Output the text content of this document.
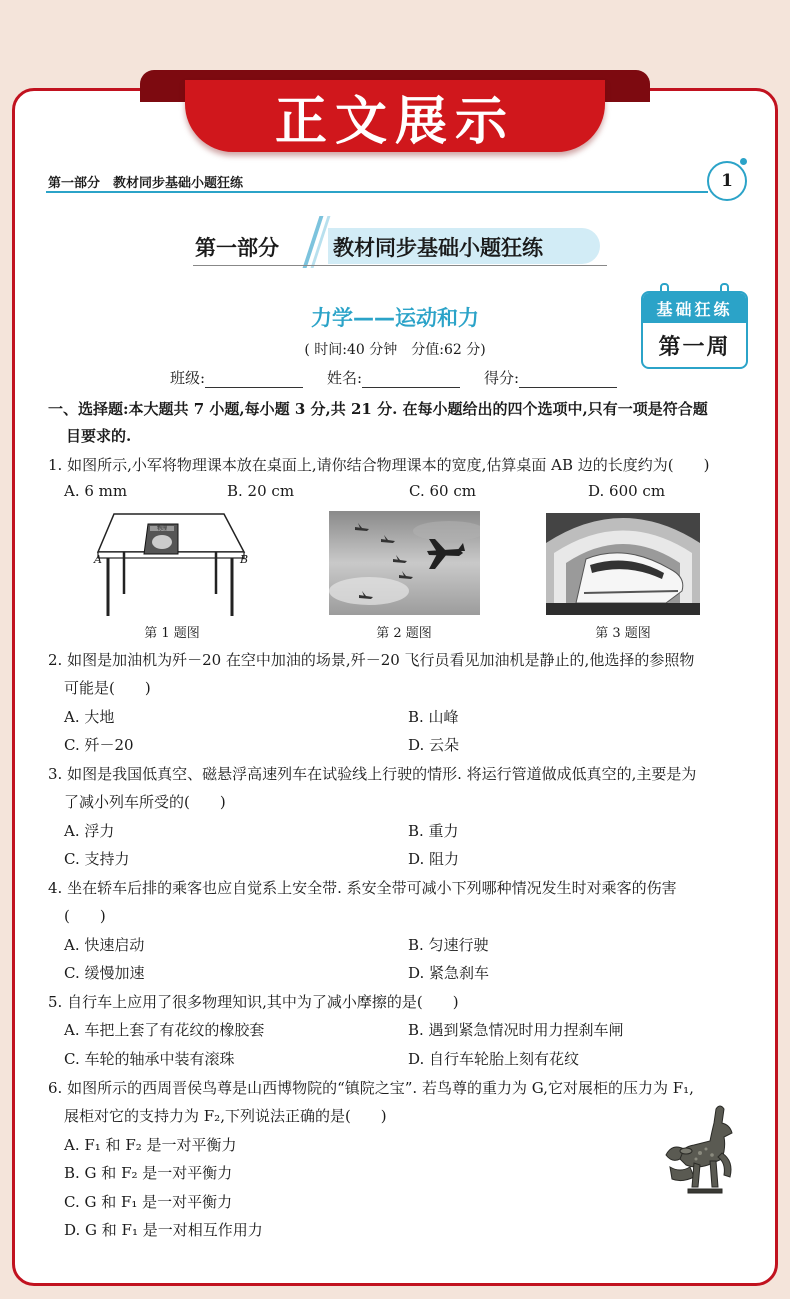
正文展示
第一部分　教材同步基础小题狂练	1
第一部分	教材同步基础小题狂练
力学——运动和力
( 时间:40 分钟　分值:62 分)
基础狂练
第一周
班级:	姓名:	得分:
一、选择题:本大题共 7 小题,每小题 3 分,共 21 分. 在每小题给出的四个选项中,只有一项是符合题
目要求的.
1. 如图所示,小军将物理课本放在桌面上,请你结合物理课本的宽度,估算桌面 AB 边的长度约为(　　)
A. 6 mm	B. 20 cm	C. 60 cm	D. 600 cm
物理
A	B
第 1 题图	第 2 题图	第 3 题图
2. 如图是加油机为歼－20 在空中加油的场景,歼－20 飞行员看见加油机是静止的,他选择的参照物
可能是(　　)
A. 大地	B. 山峰
C. 歼－20	D. 云朵
3. 如图是我国低真空、磁悬浮高速列车在试验线上行驶的情形. 将运行管道做成低真空的,主要是为
了减小列车所受的(　　)
A. 浮力	B. 重力
C. 支持力	D. 阻力
4. 坐在轿车后排的乘客也应自觉系上安全带. 系安全带可减小下列哪种情况发生时对乘客的伤害
(　　)
A. 快速启动	B. 匀速行驶
C. 缓慢加速	D. 紧急刹车
5. 自行车上应用了很多物理知识,其中为了减小摩擦的是(　　)
A. 车把上套了有花纹的橡胶套	B. 遇到紧急情况时用力捏刹车闸
C. 车轮的轴承中装有滚珠	D. 自行车轮胎上刻有花纹
6. 如图所示的西周晋侯鸟尊是山西博物院的“镇院之宝”. 若鸟尊的重力为 G,它对展柜的压力为 F₁,
展柜对它的支持力为 F₂,下列说法正确的是(　　)
A. F₁ 和 F₂ 是一对平衡力
B. G 和 F₂ 是一对平衡力
C. G 和 F₁ 是一对平衡力
D. G 和 F₁ 是一对相互作用力
